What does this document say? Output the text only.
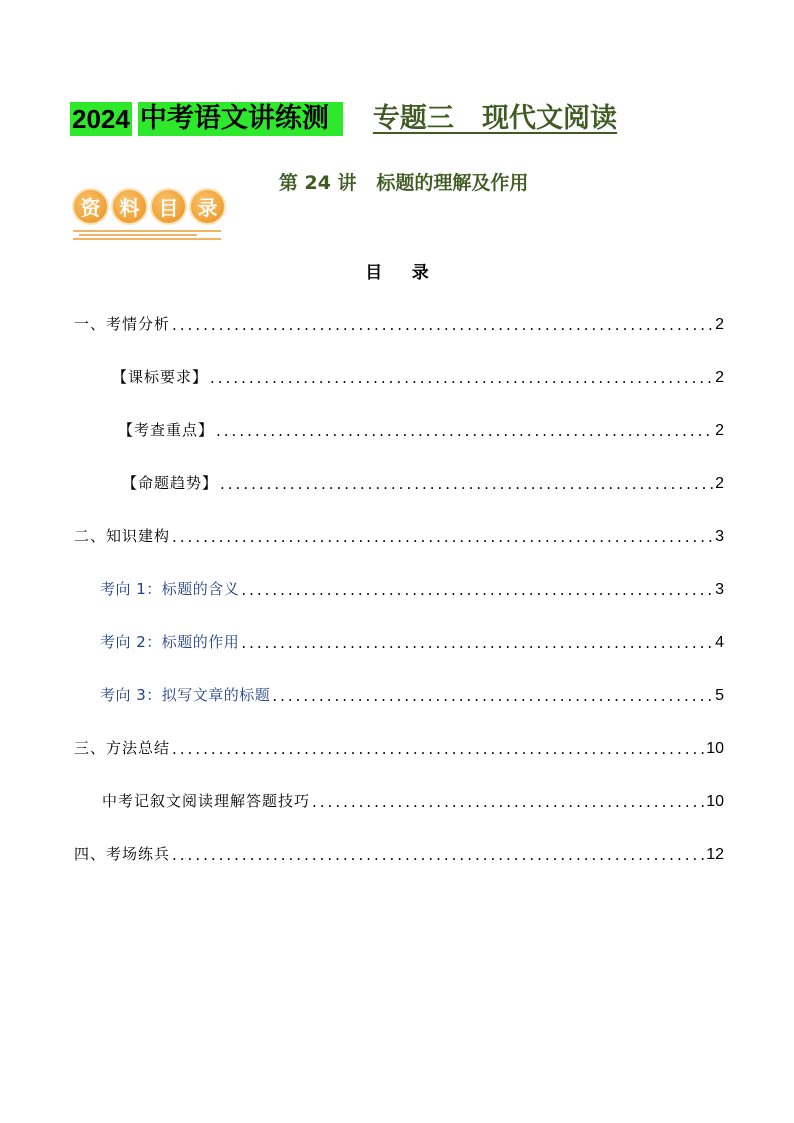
2024 中考语文讲练测	专题三   现代文阅读

第 24 讲   标题的理解及作用

资 料 目 录
目     录
一、考情分析 .....	2
【课标要求】 .....	2
【考查重点】 .....	2
【命题趋势】 .....	2
二、知识建构 .....	3
考向 1：标题的含义 .....	3
考向 2：标题的作用 .....	4
考向 3：拟写文章的标题 .....	5
三、方法总结 .....	10
中考记叙文阅读理解答题技巧 .....	10
四、考场练兵 .....	12
